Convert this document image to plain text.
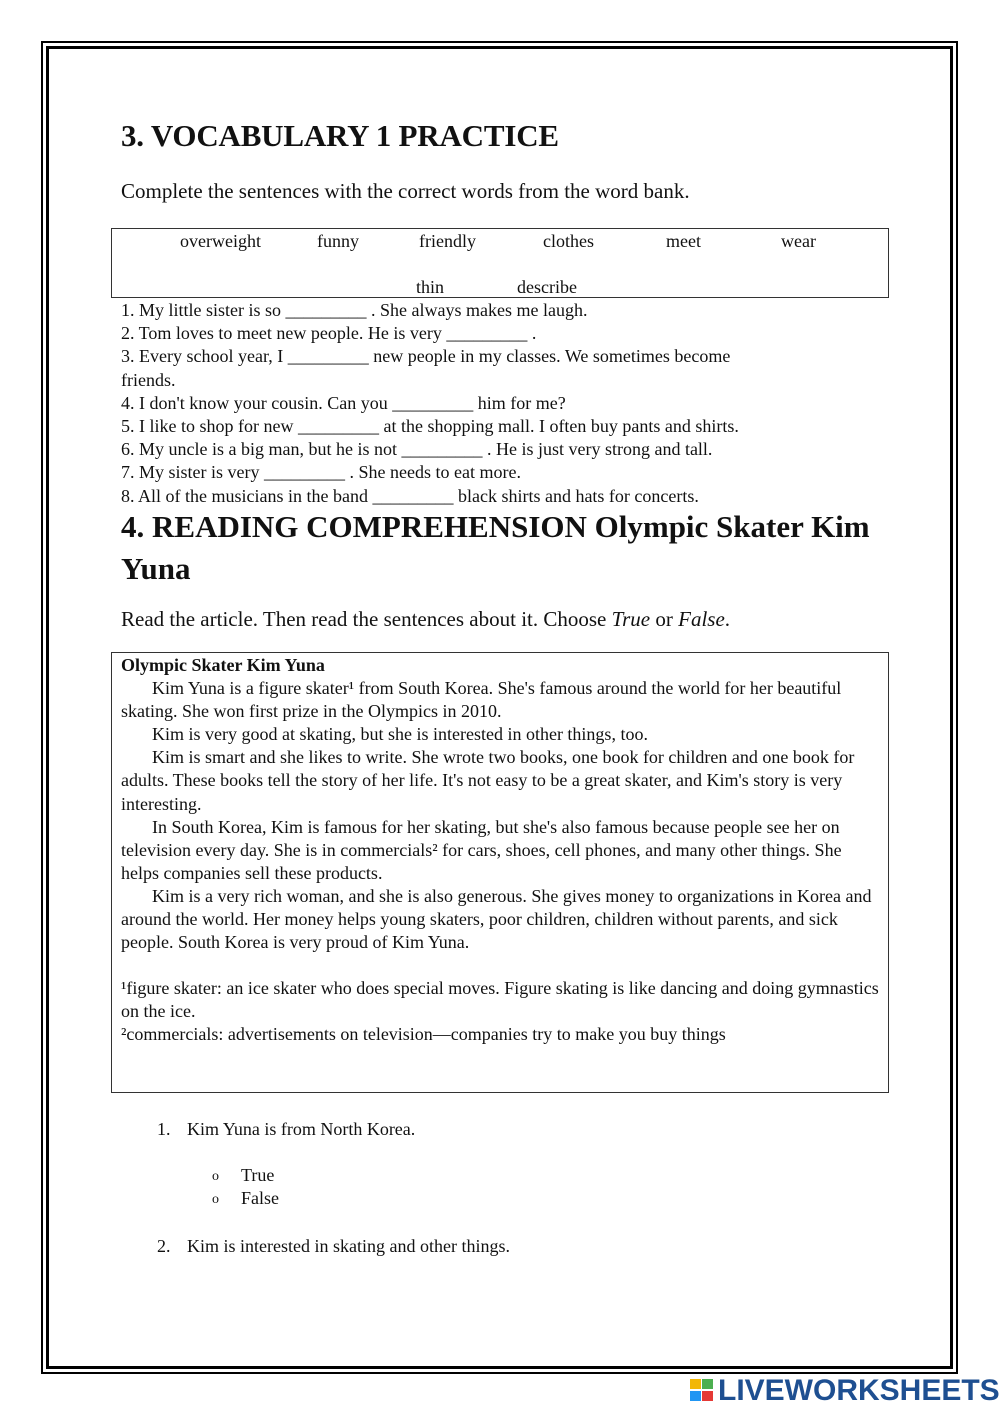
3. VOCABULARY 1 PRACTICE
Complete the sentences with the correct words from the word bank.
overweight	funny	friendly	clothes	meet	wear
thin	describe
1. My little sister is so _________ . She always makes me laugh.
2. Tom loves to meet new people. He is very _________ .
3. Every school year, I _________ new people in my classes. We sometimes become
friends.
4. I don't know your cousin. Can you _________ him for me?
5. I like to shop for new _________ at the shopping mall. I often buy pants and shirts.
6. My uncle is a big man, but he is not _________ . He is just very strong and tall.
7. My sister is very _________ . She needs to eat more.
8. All of the musicians in the band _________ black shirts and hats for concerts.
4. READING COMPREHENSION Olympic Skater Kim
Yuna
Read the article. Then read the sentences about it. Choose True or False.

Olympic Skater Kim Yuna

Kim Yuna is a figure skater¹ from South Korea. She's famous around the world for her beautiful skating. She won first prize in the Olympics in 2010.

Kim is very good at skating, but she is interested in other things, too.

Kim is smart and she likes to write. She wrote two books, one book for children and one book for adults. These books tell the story of her life. It's not easy to be a great skater, and Kim's story is very interesting.

In South Korea, Kim is famous for her skating, but she's also famous because people see her on television every day. She is in commercials² for cars, shoes, cell phones, and many other things. She helps companies sell these products.

Kim is a very rich woman, and she is also generous. She gives money to organizations in Korea and around the world. Her money helps young skaters, poor children, children without parents, and sick people. South Korea is very proud of Kim Yuna.

¹figure skater: an ice skater who does special moves. Figure skating is like dancing and doing gymnastics on the ice.

²commercials: advertisements on television—companies try to make you buy things

1. Kim Yuna is from North Korea.
o True
o False
2. Kim is interested in skating and other things.
LIVEWORKSHEETS
